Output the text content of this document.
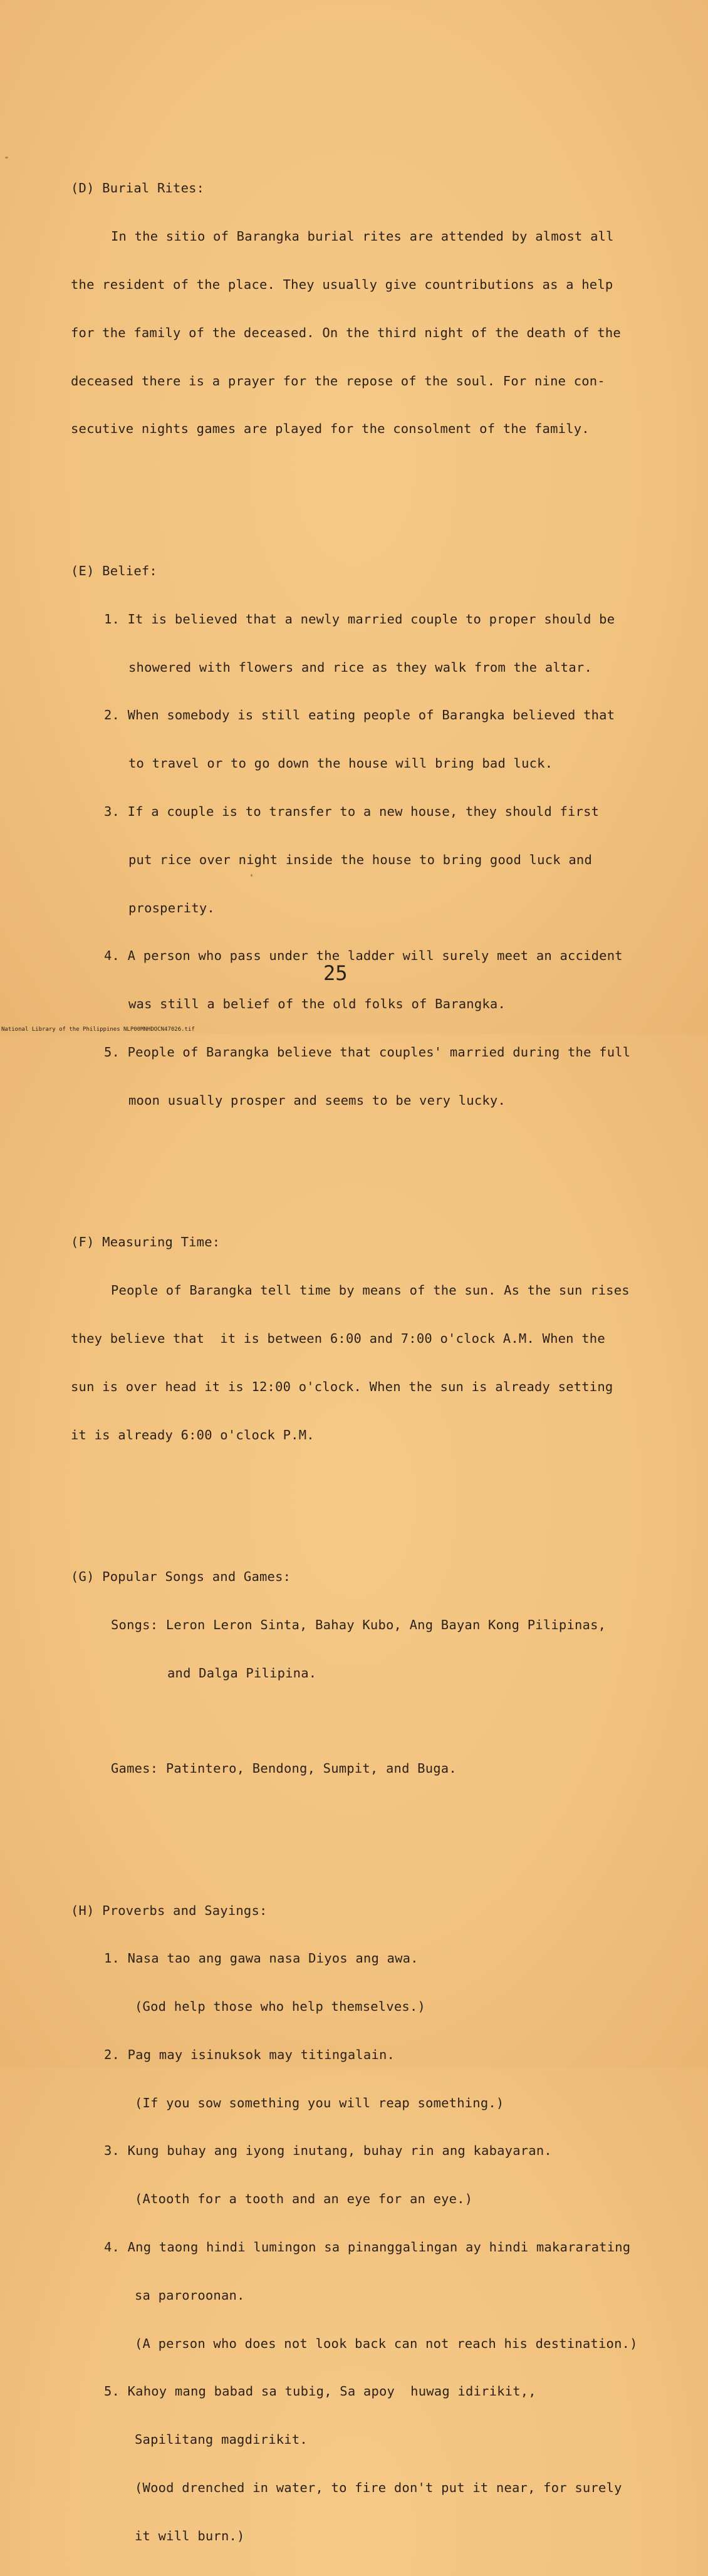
(D) Burial Rites:

In the sitio of Barangka burial rites are attended by almost all

the resident of the place. They usually give countributions as a help

for the family of the deceased. On the third night of the death of the

deceased there is a prayer for the repose of the soul. For nine con-

secutive nights games are played for the consolment of the family.

(E) Belief:

1. It is believed that a newly married couple to proper should be

showered with flowers and rice as they walk from the altar.

2. When somebody is still eating people of Barangka believed that

to travel or to go down the house will bring bad luck.

3. If a couple is to transfer to a new house, they should first

put rice over night inside the house to bring good luck and

prosperity.

4. A person who pass under the ladder will surely meet an accident

was still a belief of the old folks of Barangka.

5. People of Barangka believe that couples' married during the full

moon usually prosper and seems to be very lucky.

(F) Measuring Time:

People of Barangka tell time by means of the sun. As the sun rises

they believe that  it is between 6:00 and 7:00 o'clock A.M. When the

sun is over head it is 12:00 o'clock. When the sun is already setting

it is already 6:00 o'clock P.M.

(G) Popular Songs and Games:

Songs: Leron Leron Sinta, Bahay Kubo, Ang Bayan Kong Pilipinas,

and Dalga Pilipina.

Games: Patintero, Bendong, Sumpit, and Buga.

(H) Proverbs and Sayings:

1. Nasa tao ang gawa nasa Diyos ang awa.

(God help those who help themselves.)

2. Pag may isinuksok may titingalain.

(If you sow something you will reap something.)

3. Kung buhay ang iyong inutang, buhay rin ang kabayaran.

(Atooth for a tooth and an eye for an eye.)

4. Ang taong hindi lumingon sa pinanggalingan ay hindi makararating

sa paroroonan.

(A person who does not look back can not reach his destination.)

5. Kahoy mang babad sa tubig, Sa apoy  huwag idirikit,,

Sapilitang magdirikit.

(Wood drenched in water, to fire don't put it near, for surely

it will burn.)

25
National Library of the Philippines NLP00MNHDOCN47026.tif
